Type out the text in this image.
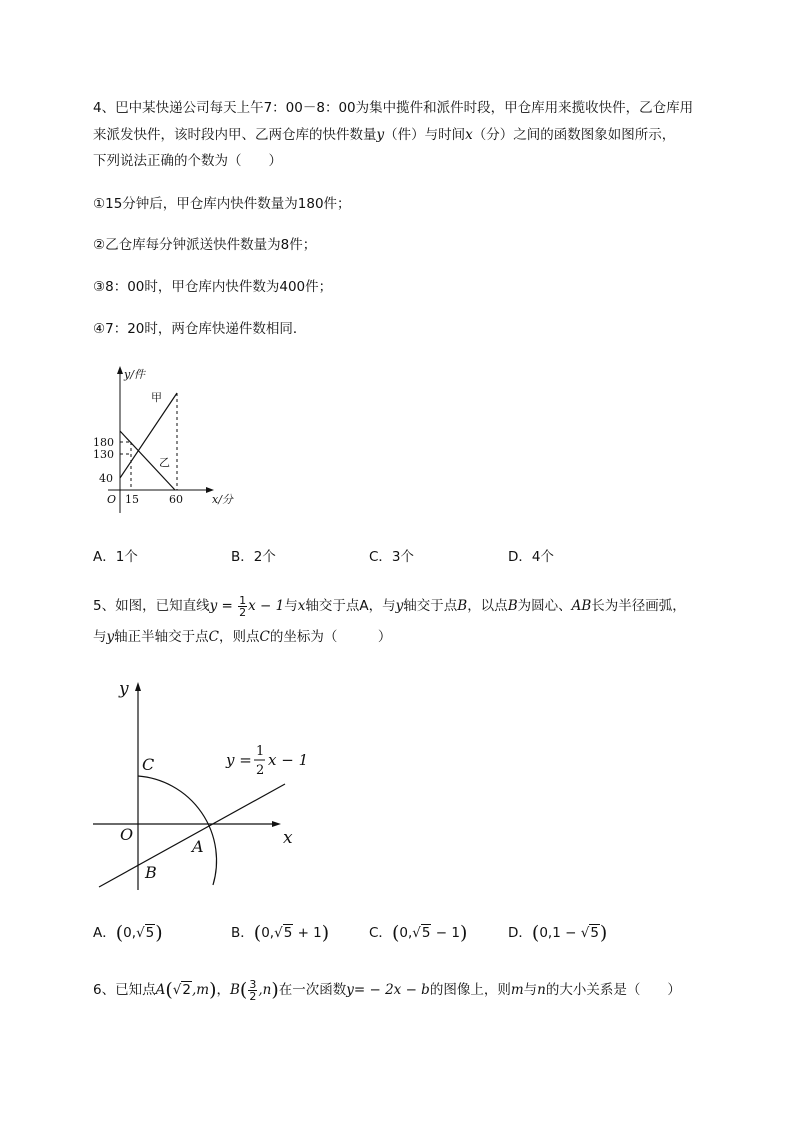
4、巴中某快递公司每天上午7：00－8：00为集中揽件和派件时段，甲仓库用来揽收快件，乙仓库用
来派发快件，该时段内甲、乙两仓库的快件数量y（件）与时间x（分）之间的函数图象如图所示，
下列说法正确的个数为（　　）
①15分钟后，甲仓库内快件数量为180件；
②乙仓库每分钟派送快件数量为8件；
③8：00时，甲仓库内快件数为400件；
④7：20时，两仓库快递件数相同．
y/件
x/分
O
180
130
40
15	60
甲
乙
A．1个	B．2个	C．3个	D．4个
5、如图，已知直线$y = \frac{1}{2}$ x − 1与x轴交于点A，与y轴交于点B，以点B为圆心、AB长为半径画弧，
与y轴正半轴交于点C，则点C的坐标为（　　　）
y
x
O
A
B
C	y = 1
2
x − 1
A．(0,√5)	B．(0,√5 + 1)	C．(0,√5 − 1)	D．(0,1 − √5)
6、已知点A(√2,m)，$B( \frac{3}{2} ,n)$在一次函数y= − 2x − b的图像上，则m与n的大小关系是（　　）
